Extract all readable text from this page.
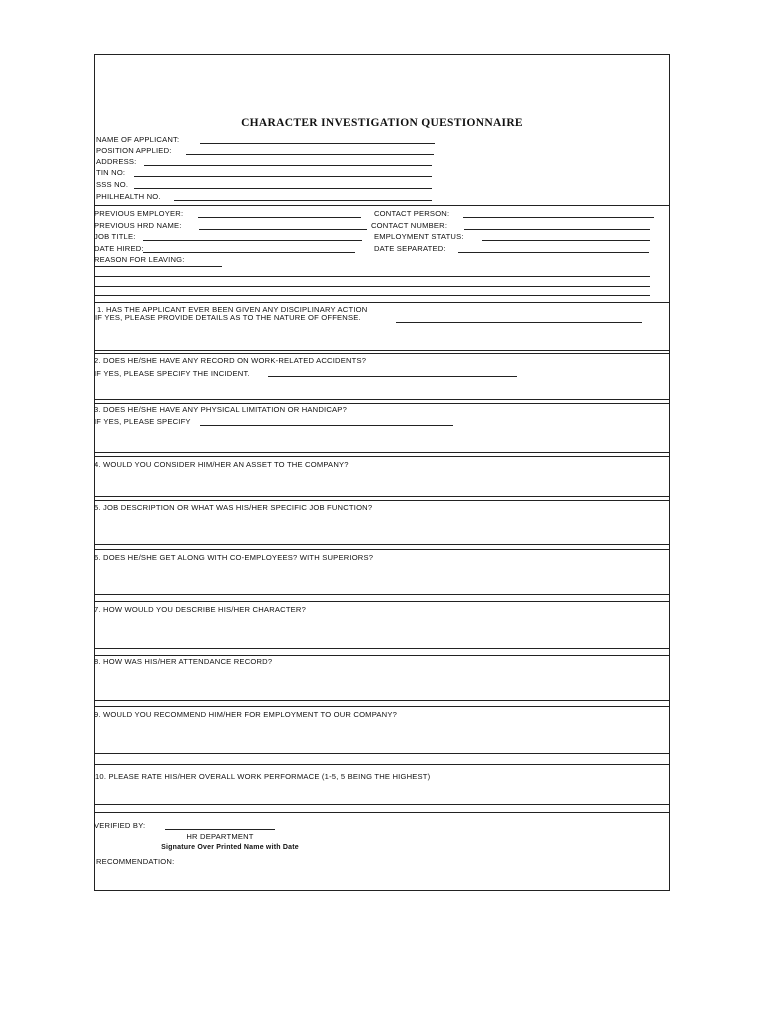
CHARACTER INVESTIGATION QUESTIONNAIRE
NAME OF APPLICANT:
POSITION APPLIED:
ADDRESS:
TIN NO:
SSS NO.
PHILHEALTH NO.
PREVIOUS EMPLOYER:	CONTACT PERSON:
PREVIOUS HRD NAME:	CONTACT NUMBER:
JOB TITLE:	EMPLOYMENT STATUS:
DATE HIRED:	DATE SEPARATED:
REASON FOR LEAVING:
1. HAS THE APPLICANT EVER BEEN GIVEN ANY DISCIPLINARY ACTION
IF YES, PLEASE PROVIDE DETAILS AS TO THE NATURE OF OFFENSE.
2. DOES HE/SHE HAVE ANY RECORD ON WORK-RELATED ACCIDENTS?
IF YES, PLEASE SPECIFY THE INCIDENT.
3. DOES HE/SHE HAVE ANY PHYSICAL LIMITATION OR HANDICAP?
IF YES, PLEASE SPECIFY
4. WOULD YOU CONSIDER HIM/HER AN ASSET TO THE COMPANY?
5. JOB DESCRIPTION OR WHAT WAS HIS/HER SPECIFIC JOB FUNCTION?
6. DOES HE/SHE GET ALONG WITH CO-EMPLOYEES? WITH SUPERIORS?
7. HOW WOULD YOU DESCRIBE HIS/HER CHARACTER?
8. HOW WAS HIS/HER ATTENDANCE RECORD?
9. WOULD YOU RECOMMEND HIM/HER FOR EMPLOYMENT TO OUR COMPANY?
10. PLEASE RATE HIS/HER OVERALL WORK PERFORMACE (1-5, 5 BEING THE HIGHEST)
VERIFIED BY:
HR DEPARTMENT
Signature Over Printed Name with Date
RECOMMENDATION:
